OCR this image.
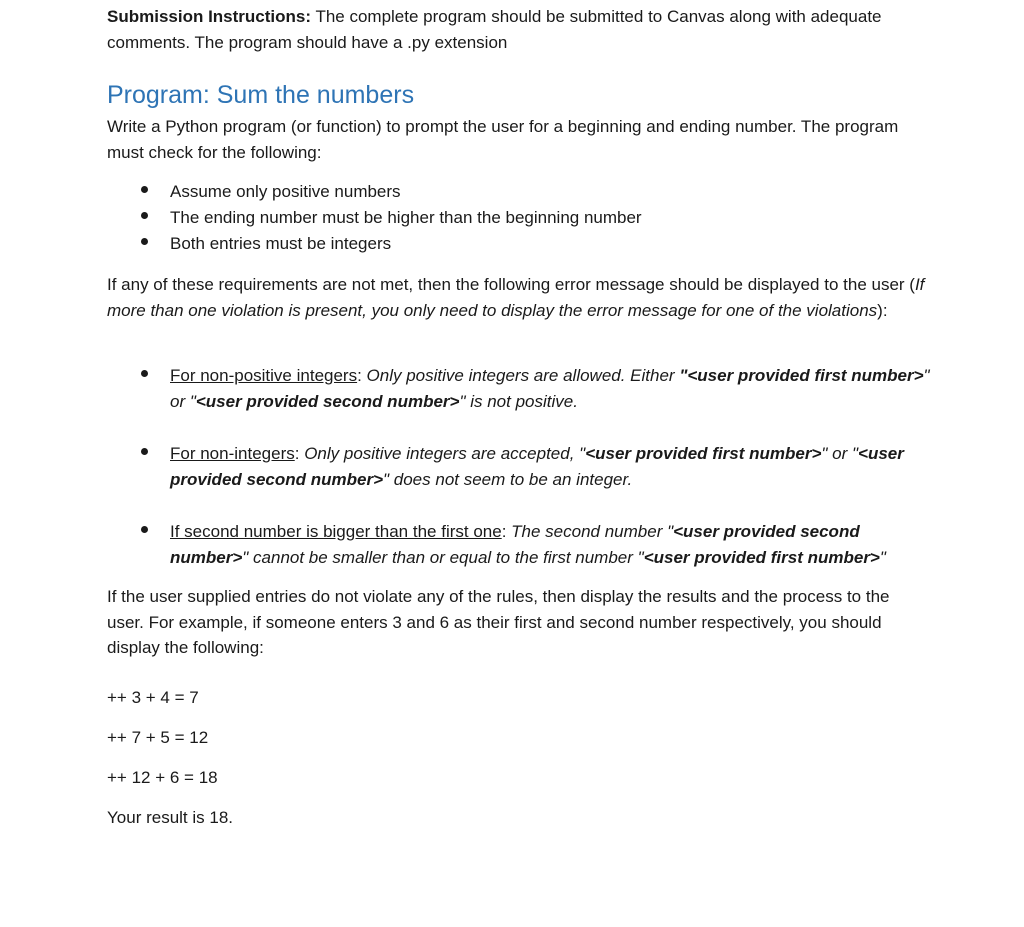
Submission Instructions: The complete program should be submitted to Canvas along with adequate comments. The program should have a .py extension

Program: Sum the numbers

Write a Python program (or function) to prompt the user for a beginning and ending number. The program must check for the following:

Assume only positive numbers

The ending number must be higher than the beginning number

Both entries must be integers

If any of these requirements are not met, then the following error message should be displayed to the user (If more than one violation is present, you only need to display the error message for one of the violations):

For non-positive integers: Only positive integers are allowed. Either "<user provided first number>" or "<user provided second number>" is not positive.

For non-integers: Only positive integers are accepted, "<user provided first number>" or "<user provided second number>" does not seem to be an integer.

If second number is bigger than the first one: The second number "<user provided second number>" cannot be smaller than or equal to the first number "<user provided first number>"

If the user supplied entries do not violate any of the rules, then display the results and the process to the user. For example, if someone enters 3 and 6 as their first and second number respectively, you should display the following:

++ 3 + 4 = 7

++ 7 + 5 = 12

++ 12 + 6 = 18

Your result is 18.
